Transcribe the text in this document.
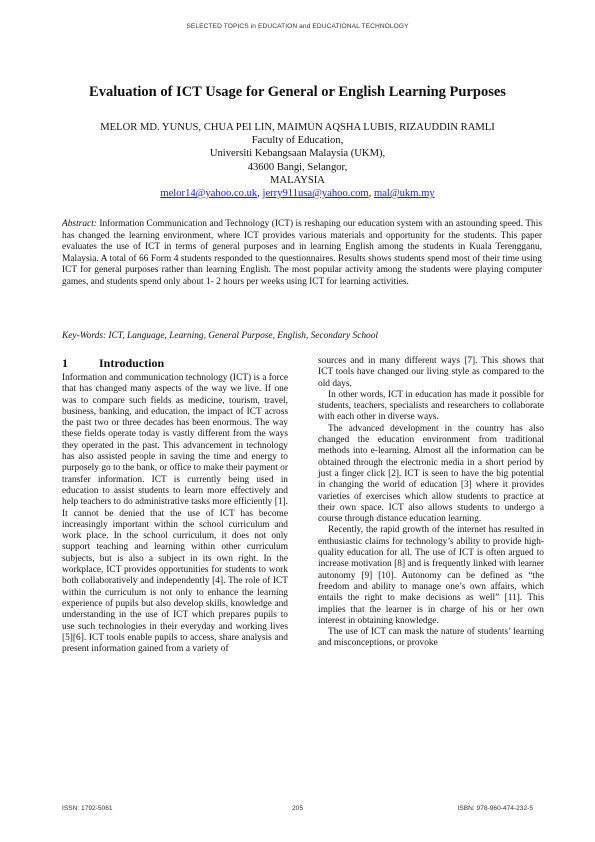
SELECTED TOPICS in EDUCATION and EDUCATIONAL TECHNOLOGY
Evaluation of ICT Usage for General or English Learning Purposes
MELOR MD. YUNUS, CHUA PEI LIN, MAIMUN AQSHA LUBIS, RIZAUDDIN RAMLI
Faculty of Education,
Universiti Kebangsaan Malaysia (UKM),
43600 Bangi, Selangor,
MALAYSIA
melor14@yahoo.co.uk, jerry911usa@yahoo.com, mal@ukm.my

Abstract: Information Communication and Technology (ICT) is reshaping our education system with an astounding speed. This has changed the learning environment, where ICT provides various materials and opportunity for the students. This paper evaluates the use of ICT in terms of general purposes and in learning English among the students in Kuala Terengganu, Malaysia. A total of 66 Form 4 students responded to the questionnaires. Results shows students spend most of their time using ICT for general purposes rather than learning English. The most popular activity among the students were playing computer games, and students spend only about 1- 2 hours per weeks using ICT for learning activities.

Key-Words: ICT, Language, Learning, General Purpose, English, Secondary School

1	Introduction

Information and communication technology (ICT) is a force that has changed many aspects of the way we live. If one was to compare such fields as medicine, tourism, travel, business, banking, and education, the impact of ICT across the past two or three decades has been enormous. The way these fields operate today is vastly different from the ways they operated in the past. This advancement in technology has also assisted people in saving the time and energy to purposely go to the bank, or office to make their payment or transfer information. ICT is currently being used in education to assist students to learn more effectively and help teachers to do administrative tasks more efficiently [1]. It cannot be denied that the use of ICT has become increasingly important within the school curriculum and work place. In the school curriculum, it does not only support teaching and learning within other curriculum subjects, but is also a subject in its own right. In the workplace, ICT provides opportunities for students to work both collaboratively and independently [4]. The role of ICT within the curriculum is not only to enhance the learning experience of pupils but also develop skills, knowledge and understanding in the use of ICT which prepares pupils to use such technologies in their everyday and working lives [5][6]. ICT tools enable pupils to access, share analysis and present information gained from a variety of

sources and in many different ways [7]. This shows that ICT tools have changed our living style as compared to the old days.

In other words, ICT in education has made it possible for students, teachers, specialists and researchers to collaborate with each other in diverse ways.

The advanced development in the country has also changed the education environment from traditional methods into e-learning. Almost all the information can be obtained through the electronic media in a short period by just a finger click [2]. ICT is seen to have the big potential in changing the world of education [3] where it provides varieties of exercises which allow students to practice at their own space. ICT also allows students to undergo a course through distance education learning.

Recently, the rapid growth of the internet has resulted in enthusiastic claims for technology’s ability to provide high-quality education for all. The use of ICT is often argued to increase motivation [8] and is frequently linked with learner autonomy [9] [10]. Autonomy can be defined as “the freedom and ability to manage one’s own affairs, which entails the right to make decisions as well” [11]. This implies that the learner is in charge of his or her own interest in obtaining knowledge.

The use of ICT can mask the nature of students’ learning and misconceptions, or provoke

ISSN: 1792-5061	205	ISBN: 978-960-474-232-5
